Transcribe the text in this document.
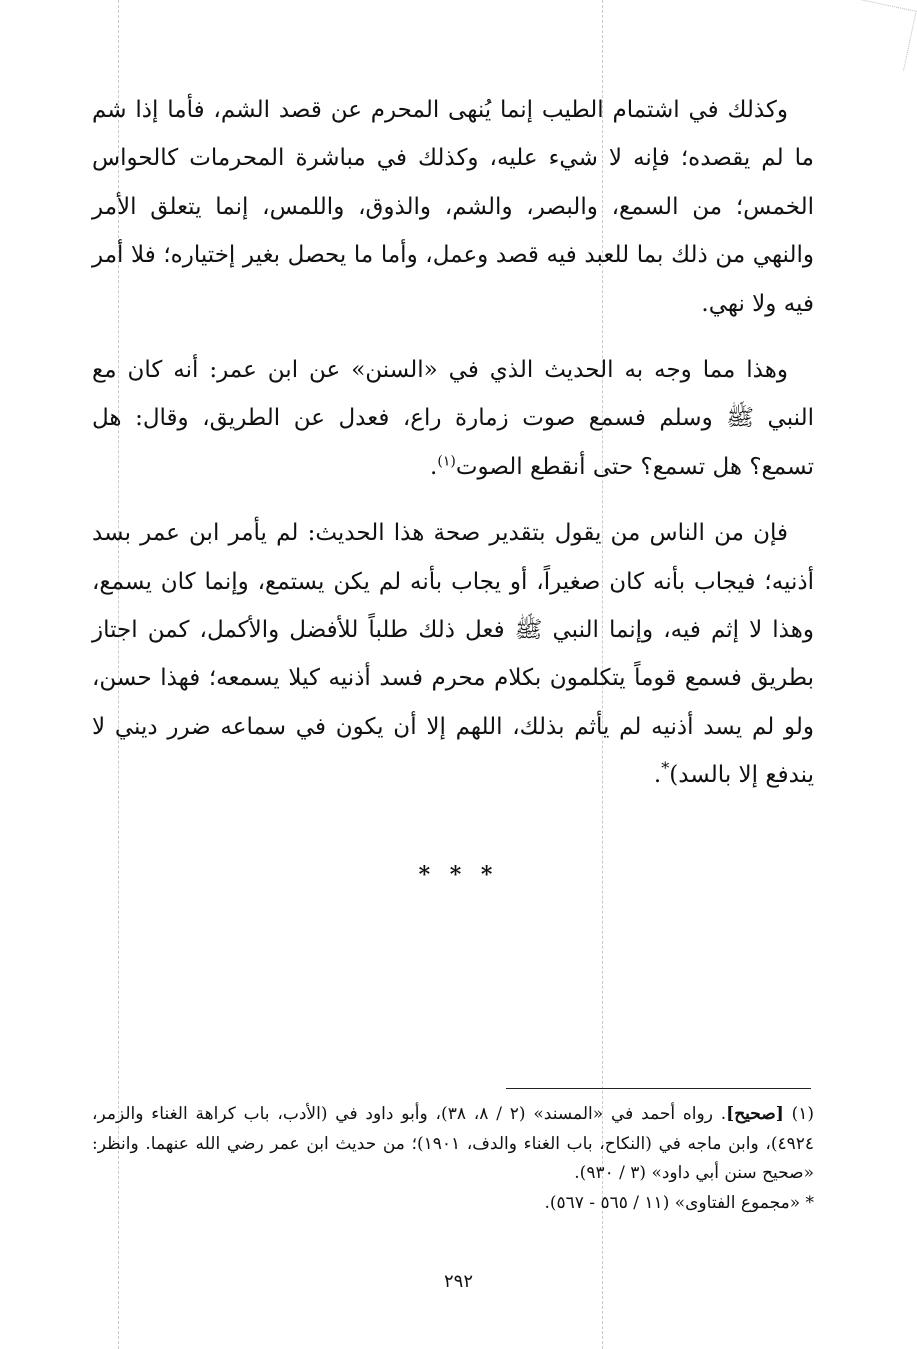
وكذلك في اشتمام الطيب إنما يُنهى المحرم عن قصد الشم، فأما إذا شم ما لم يقصده؛ فإنه لا شيء عليه، وكذلك في مباشرة المحرمات كالحواس الخمس؛ من السمع، والبصر، والشم، والذوق، واللمس، إنما يتعلق الأمر والنهي من ذلك بما للعبد فيه قصد وعمل، وأما ما يحصل بغير إختياره؛ فلا أمر فيه ولا نهي.

وهذا مما وجه به الحديث الذي في «السنن» عن ابن عمر: أنه كان مع النبي ﷺ وسلم فسمع صوت زمارة راع، فعدل عن الطريق، وقال: هل تسمع؟ هل تسمع؟ حتى أنقطع الصوت$^{(١)}$.

فإن من الناس من يقول بتقدير صحة هذا الحديث: لم يأمر ابن عمر بسد أذنيه؛ فيجاب بأنه كان صغيراً، أو يجاب بأنه لم يكن يستمع، وإنما كان يسمع، وهذا لا إثم فيه، وإنما النبي ﷺ فعل ذلك طلباً للأفضل والأكمل، كمن اجتاز بطريق فسمع قوماً يتكلمون بكلام محرم فسد أذنيه كيلا يسمعه؛ فهذا حسن، ولو لم يسد أذنيه لم يأثم بذلك، اللهم إلا أن يكون في سماعه ضرر ديني لا يندفع إلا بالسد)*.

* * *

(١) [صحيح]. رواه أحمد في «المسند» (٢ / ٨، ٣٨)، وأبو داود في (الأدب، باب كراهة الغناء والزمر، ٤٩٢٤)، وابن ماجه في (النكاح، باب الغناء والدف، ١٩٠١)؛ من حديث ابن عمر رضي الله عنهما. وانظر: «صحيح سنن أبي داود» (٣ / ٩٣٠).

* «مجموع الفتاوى» (١١ / ٥٦٥ - ٥٦٧).

٢٩٢
